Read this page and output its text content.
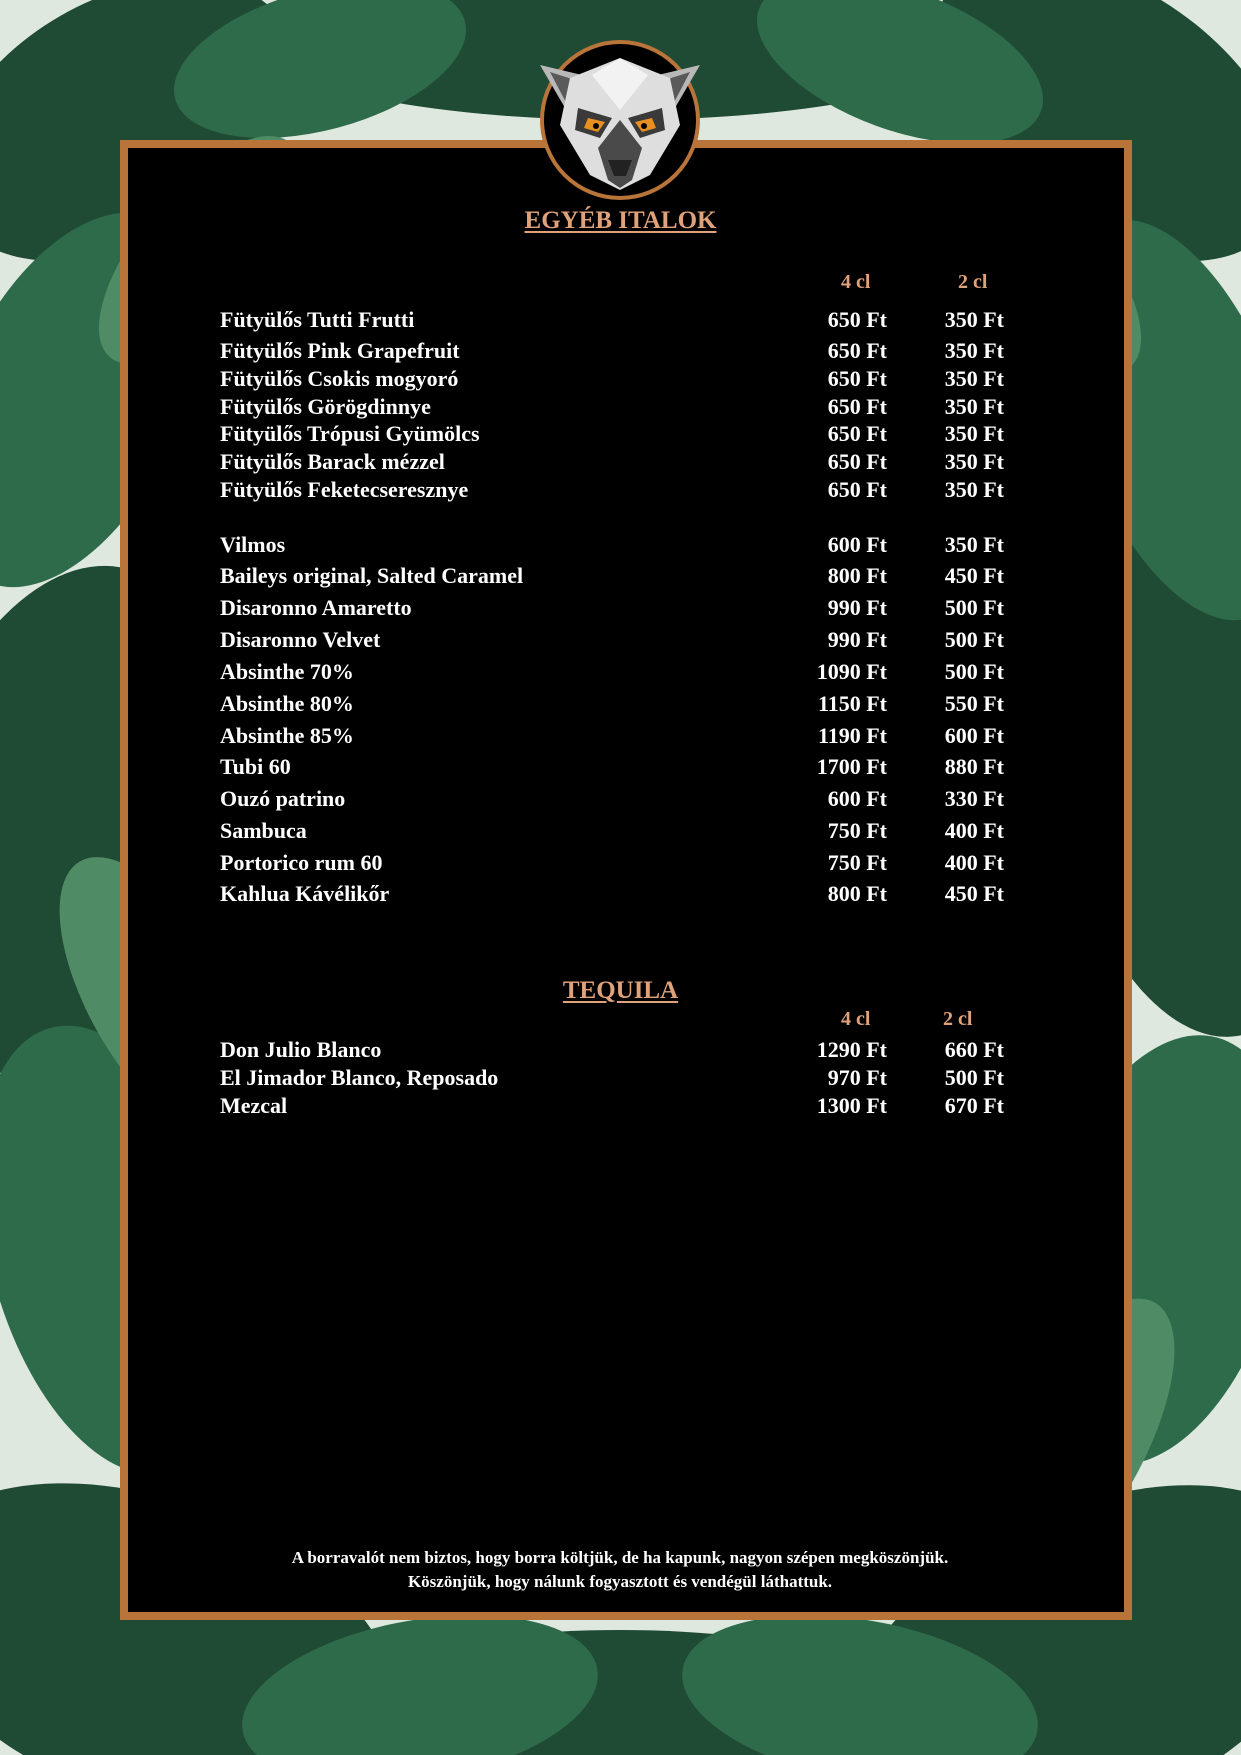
EGYÉB ITALOK
4 cl	2 cl
Fütyülős Tutti Frutti	650 Ft	350 Ft
Fütyülős Pink Grapefruit	650 Ft	350 Ft
Fütyülős Csokis mogyoró	650 Ft	350 Ft
Fütyülős Görögdinnye	650 Ft	350 Ft
Fütyülős Trópusi Gyümölcs	650 Ft	350 Ft
Fütyülős Barack mézzel	650 Ft	350 Ft
Fütyülős Feketecseresznye	650 Ft	350 Ft
Vilmos	600 Ft	350 Ft
Baileys original, Salted Caramel	800 Ft	450 Ft
Disaronno Amaretto	990 Ft	500 Ft
Disaronno Velvet	990 Ft	500 Ft
Absinthe 70%	1090 Ft	500 Ft
Absinthe 80%	1150 Ft	550 Ft
Absinthe 85%	1190 Ft	600 Ft
Tubi 60	1700 Ft	880 Ft
Ouzó patrino	600 Ft	330 Ft
Sambuca	750 Ft	400 Ft
Portorico rum 60	750 Ft	400 Ft
Kahlua Kávélikőr	800 Ft	450 Ft
TEQUILA
4 cl	2 cl
Don Julio Blanco	1290 Ft	660 Ft
El Jimador Blanco, Reposado	970 Ft	500 Ft
Mezcal	1300 Ft	670 Ft
A borravalót nem biztos, hogy borra költjük, de ha kapunk, nagyon szépen megköszönjük.
Köszönjük, hogy nálunk fogyasztott és vendégül láthattuk.
